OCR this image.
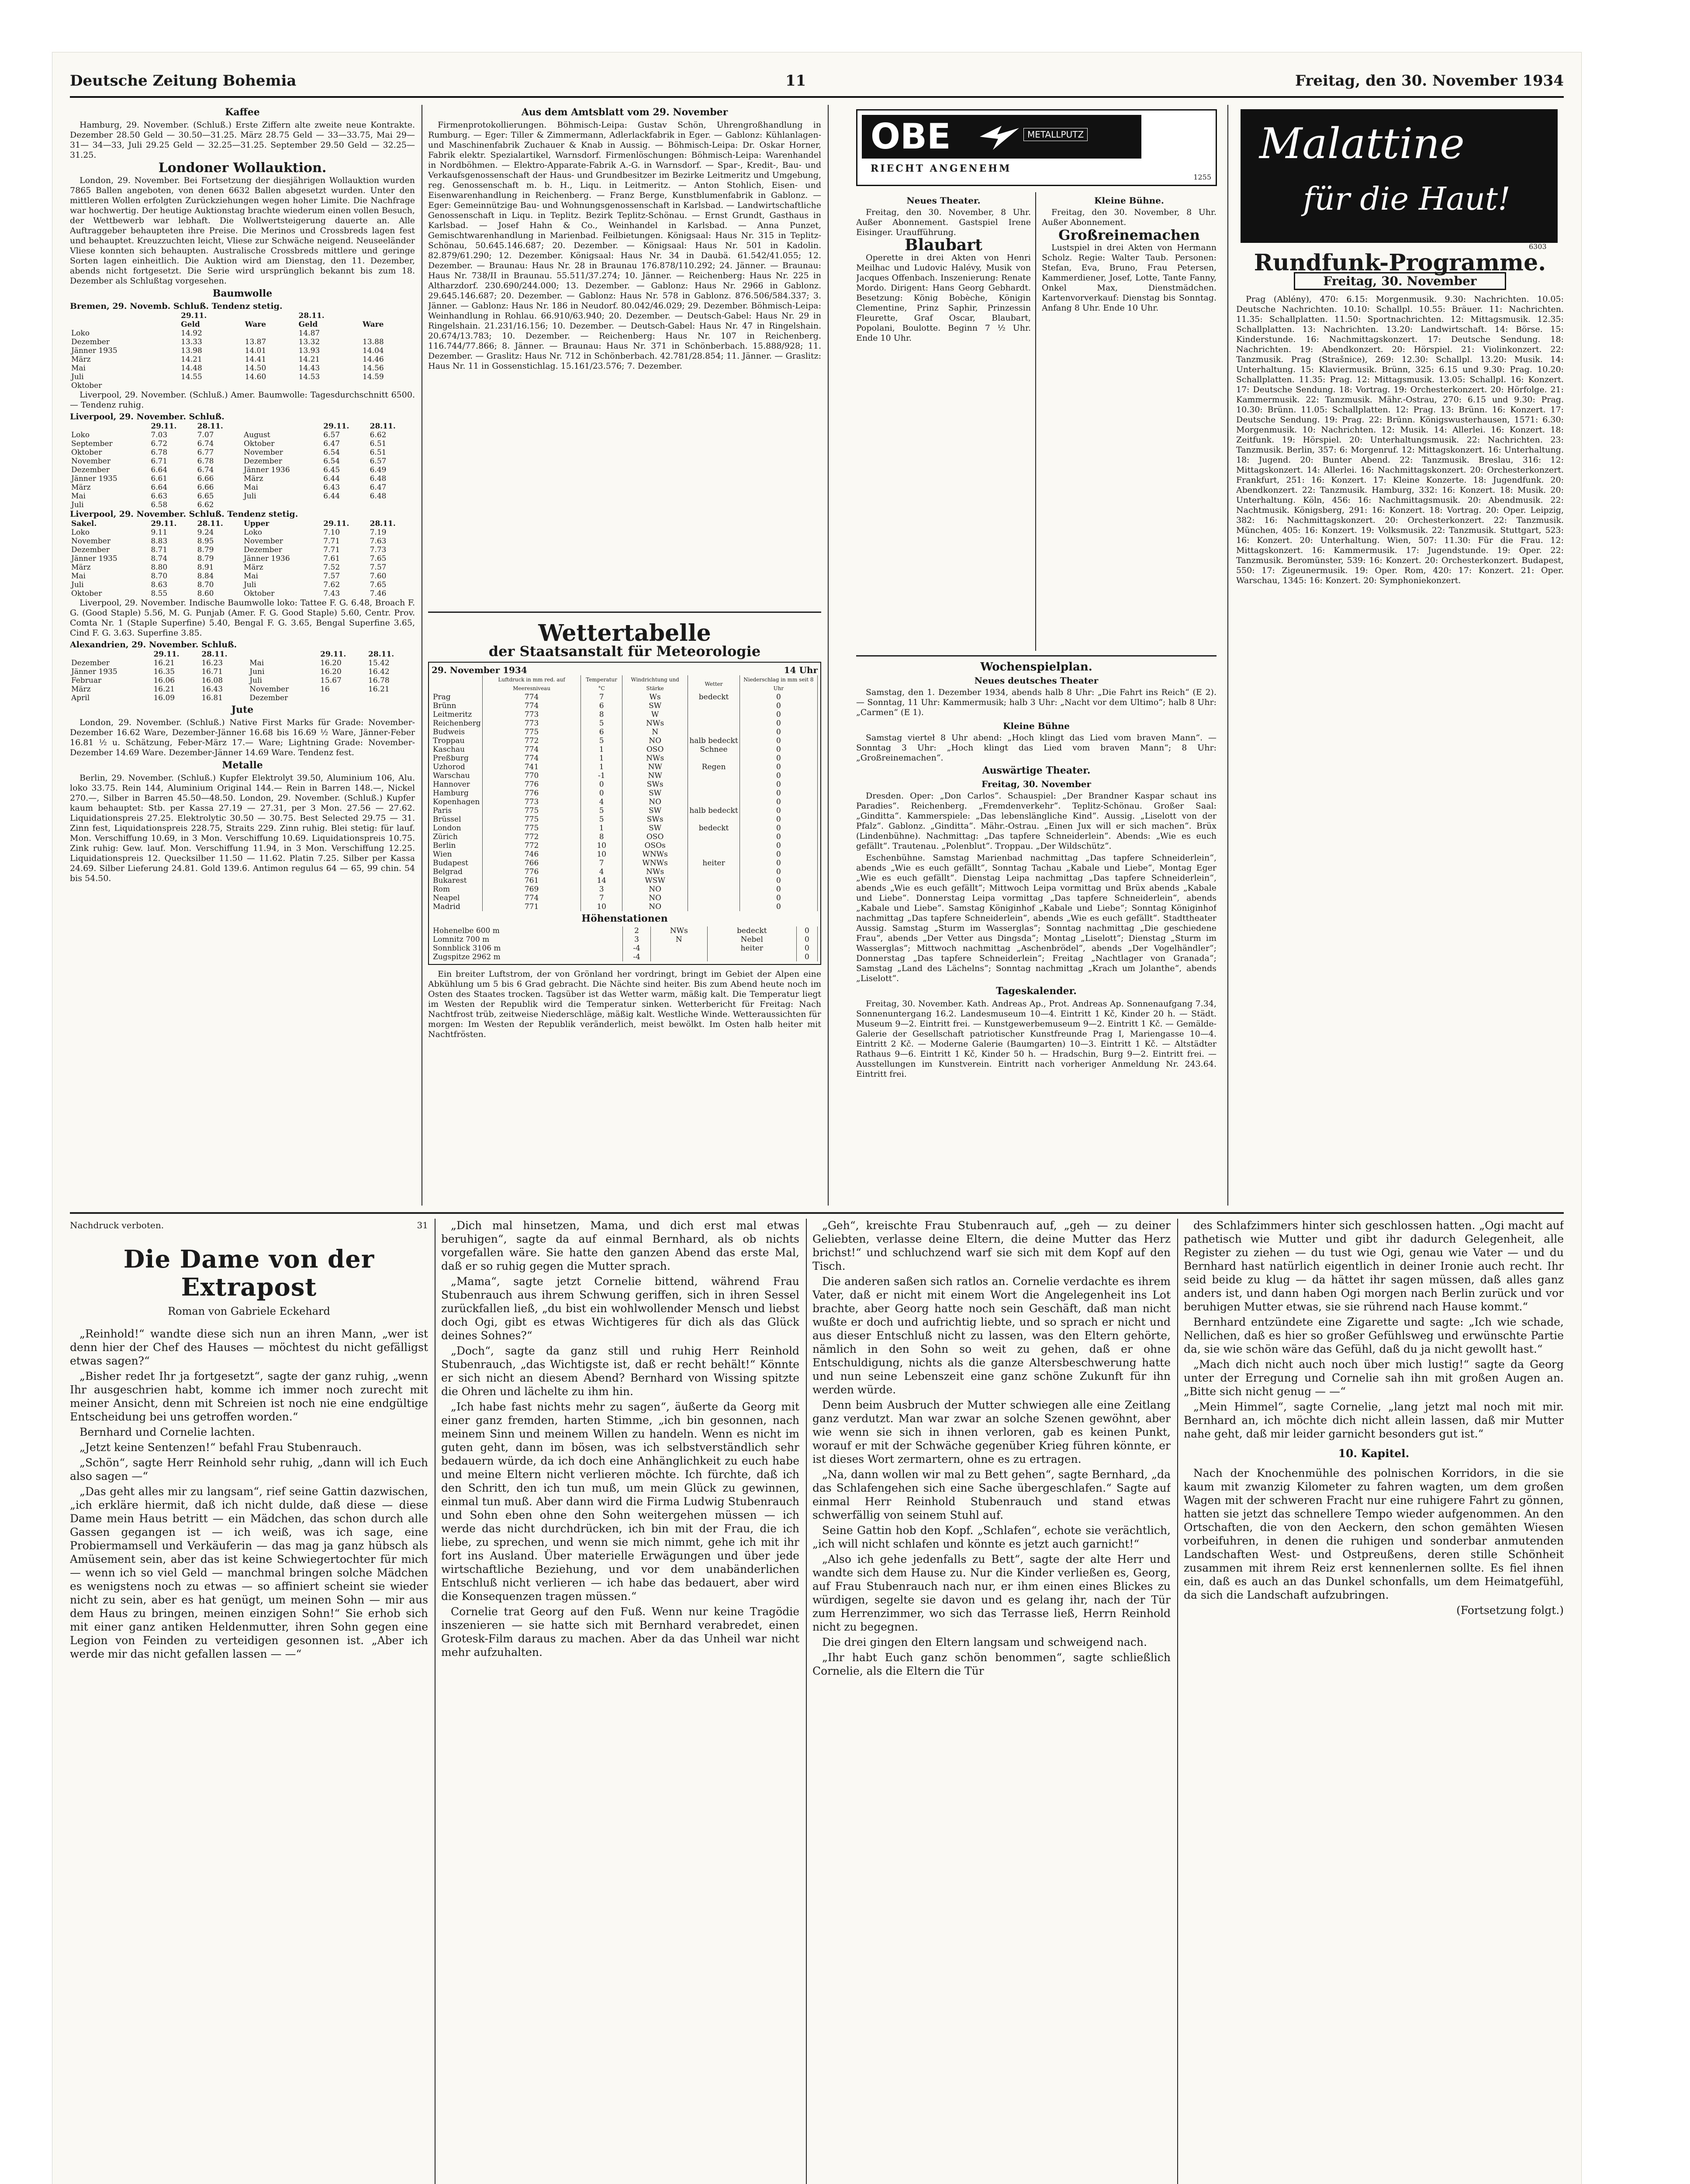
Deutsche Zeitung Bohemia	11	Freitag, den 30. November 1934
Kaffee

Hamburg, 29. November. (Schluß.) Erste Ziffern alte zweite neue Kontrakte. Dezember 28.50 Geld — 30.50—31.25. März 28.75 Geld — 33—33.75, Mai 29— 31— 34—33, Juli 29.25 Geld — 32.25—31.25. September 29.50 Geld — 32.25—31.25.

Londoner Wollauktion.

London, 29. November. Bei Fortsetzung der diesjährigen Wollauktion wurden 7865 Ballen angeboten, von denen 6632 Ballen abgesetzt wurden. Unter den mittleren Wollen erfolgten Zurückziehungen wegen hoher Limite. Die Nachfrage war hochwertig. Der heutige Auktionstag brachte wiederum einen vollen Besuch, der Wettbewerb war lebhaft. Die Wollwertsteigerung dauerte an. Alle Auftraggeber behaupteten ihre Preise. Die Merinos und Crossbreds lagen fest und behauptet. Kreuzzuchten leicht, Vliese zur Schwäche neigend. Neuseeländer Vliese konnten sich behaupten. Australische Crossbreds mittlere und geringe Sorten lagen einheitlich. Die Auktion wird am Dienstag, den 11. Dezember, abends nicht fortgesetzt. Die Serie wird ursprünglich bekannt bis zum 18. Dezember als Schlußtag vorgesehen.

Baumwolle
Bremen, 29. Novemb. Schluß. Tendenz stetig.
	29.11.		28.11.	
	Geld	Ware	Geld	Ware
Loko	14.92		14.87	
Dezember	13.33	13.87	13.32	13.88
Jänner 1935	13.98	14.01	13.93	14.04
März	14.21	14.41	14.21	14.46
Mai	14.48	14.50	14.43	14.56
Juli	14.55	14.60	14.53	14.59
Oktober				

Liverpool, 29. November. (Schluß.) Amer. Baumwolle: Tagesdurchschnitt 6500. — Tendenz ruhig.

Liverpool, 29. November. Schluß.
	29.11.	28.11.		29.11.	28.11.
Loko	7.03	7.07	August	6.57	6.62
September	6.72	6.74	Oktober	6.47	6.51
Oktober	6.78	6.77	November	6.54	6.51
November	6.71	6.78	Dezember	6.54	6.57
Dezember	6.64	6.74	Jänner 1936	6.45	6.49
Jänner 1935	6.61	6.66	März	6.44	6.48
März	6.64	6.66	Mai	6.43	6.47
Mai	6.63	6.65	Juli	6.44	6.48
Juli	6.58	6.62			
Liverpool, 29. November. Schluß. Tendenz stetig.
Sakel.	29.11.	28.11.	Upper	29.11.	28.11.
Loko	9.11	9.24	Loko	7.10	7.19
November	8.83	8.95	November	7.71	7.63
Dezember	8.71	8.79	Dezember	7.71	7.73
Jänner 1935	8.74	8.79	Jänner 1936	7.61	7.65
März	8.80	8.91	März	7.52	7.57
Mai	8.70	8.84	Mai	7.57	7.60
Juli	8.63	8.70	Juli	7.62	7.65
Oktober	8.55	8.60	Oktober	7.43	7.46

Liverpool, 29. November. Indische Baumwolle loko: Tattee F. G. 6.48, Broach F. G. (Good Staple) 5.56, M. G. Punjab (Amer. F. G. Good Staple) 5.60, Centr. Prov. Comta Nr. 1 (Staple Superfine) 5.40, Bengal F. G. 3.65, Bengal Superfine 3.65, Cind F. G. 3.63. Superfine 3.85.

Alexandrien, 29. November. Schluß.
	29.11.	28.11.		29.11.	28.11.
Dezember	16.21	16.23	Mai	16.20	15.42
Jänner 1935	16.35	16.71	Juni	16.20	16.42
Februar	16.06	16.08	Juli	15.67	16.78
März	16.21	16.43	November	16	16.21
April	16.09	16.81	Dezember		
Jute

London, 29. November. (Schluß.) Native First Marks für Grade: November-Dezember 16.62 Ware, Dezember-Jänner 16.68 bis 16.69 ½ Ware, Jänner-Feber 16.81 ½ u. Schätzung, Feber-März 17.— Ware; Lightning Grade: November-Dezember 14.69 Ware. Dezember-Jänner 14.69 Ware. Tendenz fest.

Metalle

Berlin, 29. November. (Schluß.) Kupfer Elektrolyt 39.50, Aluminium 106, Alu. loko 33.75. Rein 144, Aluminium Original 144.— Rein in Barren 148.—, Nickel 270.—, Silber in Barren 45.50—48.50. London, 29. November. (Schluß.) Kupfer kaum behauptet: Stb. per Kassa 27.19 — 27.31, per 3 Mon. 27.56 — 27.62. Liquidationspreis 27.25. Elektrolytic 30.50 — 30.75. Best Selected 29.75 — 31. Zinn fest, Liquidationspreis 228.75, Straits 229. Zinn ruhig. Blei stetig: für lauf. Mon. Verschiffung 10.69, in 3 Mon. Verschiffung 10.69. Liquidationspreis 10.75. Zink ruhig: Gew. lauf. Mon. Verschiffung 11.94, in 3 Mon. Verschiffung 12.25. Liquidationspreis 12. Quecksilber 11.50 — 11.62. Platin 7.25. Silber per Kassa 24.69. Silber Lieferung 24.81. Gold 139.6. Antimon regulus 64 — 65, 99 chin. 54 bis 54.50.

Aus dem Amtsblatt vom 29. November

Firmenprotokollierungen. Böhmisch-Leipa: Gustav Schön, Uhrengroßhandlung in Rumburg. — Eger: Tiller & Zimmermann, Adlerlackfabrik in Eger. — Gablonz: Kühlanlagen- und Maschinenfabrik Zuchauer & Knab in Aussig. — Böhmisch-Leipa: Dr. Oskar Horner, Fabrik elektr. Spezialartikel, Warnsdorf. Firmenlöschungen: Böhmisch-Leipa: Warenhandel in Nordböhmen. — Elektro-Apparate-Fabrik A.-G. in Warnsdorf. — Spar-, Kredit-, Bau- und Verkaufsgenossenschaft der Haus- und Grundbesitzer im Bezirke Leitmeritz und Umgebung, reg. Genossenschaft m. b. H., Liqu. in Leitmeritz. — Anton Stohlich, Eisen- und Eisenwarenhandlung in Reichenberg. — Franz Berge, Kunstblumenfabrik in Gablonz. — Eger: Gemeinnützige Bau- und Wohnungsgenossenschaft in Karlsbad. — Landwirtschaftliche Genossenschaft in Liqu. in Teplitz. Bezirk Teplitz-Schönau. — Ernst Grundt, Gasthaus in Karlsbad. — Josef Hahn & Co., Weinhandel in Karlsbad. — Anna Punzet, Gemischtwarenhandlung in Marienbad. Feilbietungen. Königsaal: Haus Nr. 315 in Teplitz-Schönau, 50.645.146.687; 20. Dezember. — Königsaal: Haus Nr. 501 in Kadolin. 82.879/61.290; 12. Dezember. Königsaal: Haus Nr. 34 in Daubä. 61.542/41.055; 12. Dezember. — Braunau: Haus Nr. 28 in Braunau 176.878/110.292; 24. Jänner. — Braunau: Haus Nr. 738/II in Braunau. 55.511/37.274; 10. Jänner. — Reichenberg: Haus Nr. 225 in Altharzdorf. 230.690/244.000; 13. Dezember. — Gablonz: Haus Nr. 2966 in Gablonz. 29.645.146.687; 20. Dezember. — Gablonz: Haus Nr. 578 in Gablonz. 876.506/584.337; 3. Jänner. — Gablonz: Haus Nr. 186 in Neudorf. 80.042/46.029; 29. Dezember. Böhmisch-Leipa: Weinhandlung in Rohlau. 66.910/63.940; 20. Dezember. — Deutsch-Gabel: Haus Nr. 29 in Ringelshain. 21.231/16.156; 10. Dezember. — Deutsch-Gabel: Haus Nr. 47 in Ringelshain. 20.674/13.783; 10. Dezember. — Reichenberg: Haus Nr. 107 in Reichenberg. 116.744/77.866; 8. Jänner. — Braunau: Haus Nr. 371 in Schönberbach. 15.888/928; 11. Dezember. — Graslitz: Haus Nr. 712 in Schönberbach. 42.781/28.854; 11. Jänner. — Graslitz: Haus Nr. 11 in Gossenstichlag. 15.161/23.576; 7. Dezember.

Wettertabelle
der Staatsanstalt für Meteorologie
29. November 1934	14 Uhr
	Luftdruck in mm red. auf Meeresniveau	Temperatur °C	Windrichtung und Stärke	Wetter	Niederschlag in mm seit 8 Uhr
Prag	774	7	Ws	bedeckt	0
Brünn	774	6	SW		0
Leitmeritz	773	8	W		0
Reichenberg	773	5	NWs		0
Budweis	775	6	N		0
Troppau	772	5	NO	halb bedeckt	0
Kaschau	774	1	OSO	Schnee	0
Preßburg	774	1	NWs		0
Uzhorod	741	1	NW	Regen	0
Warschau	770	-1	NW		0
Hannover	776	0	SWs		0
Hamburg	776	0	SW		0
Kopenhagen	773	4	NO		0
Paris	775	5	SW	halb bedeckt	0
Brüssel	775	5	SWs		0
London	775	1	SW	bedeckt	0
Zürich	772	8	OSO		0
Berlin	772	10	OSOs		0
Wien	746	10	WNWs		0
Budapest	766	7	WNWs	heiter	0
Belgrad	776	4	NWs		0
Bukarest	761	14	WSW		0
Rom	769	3	NO		0
Neapel	774	7	NO		0
Madrid	771	10	NO		0
Höhenstationen
Hohenelbe 600 m	2	NWs	bedeckt	0
Lomnitz 700 m	3	N	Nebel	0
Sonnblick 3106 m	-4		heiter	0
Zugspitze 2962 m	-4			0

Ein breiter Luftstrom, der von Grönland her vordringt, bringt im Gebiet der Alpen eine Abkühlung um 5 bis 6 Grad gebracht. Die Nächte sind heiter. Bis zum Abend heute noch im Osten des Staates trocken. Tagsüber ist das Wetter warm, mäßig kalt. Die Temperatur liegt im Westen der Republik wird die Temperatur sinken. Wetterbericht für Freitag: Nach Nachtfrost trüb, zeitweise Niederschläge, mäßig kalt. Westliche Winde. Wetteraussichten für morgen: Im Westen der Republik veränderlich, meist bewölkt. Im Osten halb heiter mit Nachtfrösten.

OBE	METALLPUTZ
RIECHT ANGENEHM
1255
Neues Theater.

Freitag, den 30. November, 8 Uhr. Außer Abonnement. Gastspiel Irene Eisinger. Uraufführung.

Blaubart

Operette in drei Akten von Henri Meilhac und Ludovic Halévy, Musik von Jacques Offenbach. Inszenierung: Renate Mordo. Dirigent: Hans Georg Gebhardt. Besetzung: König Bobèche, Königin Clementine, Prinz Saphir, Prinzessin Fleurette, Graf Oscar, Blaubart, Popolani, Boulotte. Beginn 7 ½ Uhr. Ende 10 Uhr.

Kleine Bühne.

Freitag, den 30. November, 8 Uhr. Außer Abonnement.

Großreinemachen

Lustspiel in drei Akten von Hermann Scholz. Regie: Walter Taub. Personen: Stefan, Eva, Bruno, Frau Petersen, Kammerdiener, Josef, Lotte, Tante Fanny, Onkel Max, Dienstmädchen. Kartenvorverkauf: Dienstag bis Sonntag. Anfang 8 Uhr. Ende 10 Uhr.

Wochenspielplan.
Neues deutsches Theater

Samstag, den 1. Dezember 1934, abends halb 8 Uhr: „Die Fahrt ins Reich“ (E 2). — Sonntag, 11 Uhr: Kammermusik; halb 3 Uhr: „Nacht vor dem Ultimo“; halb 8 Uhr: „Carmen“ (E 1).

Kleine Bühne

Samstag vierteł 8 Uhr abend: „Hoch klingt das Lied vom braven Mann“. — Sonntag 3 Uhr: „Hoch klingt das Lied vom braven Mann“; 8 Uhr: „Großreinemachen“.

Auswärtige Theater.
Freitag, 30. November

Dresden. Oper: „Don Carlos“. Schauspiel: „Der Brandner Kaspar schaut ins Paradies“. Reichenberg. „Fremdenverkehr“. Teplitz-Schönau. Großer Saal: „Ginditta“. Kammerspiele: „Das lebenslängliche Kind“. Aussig. „Liselott von der Pfalz“. Gablonz. „Ginditta“. Mähr.-Ostrau. „Einen Jux will er sich machen“. Brüx (Lindenbühne). Nachmittag: „Das tapfere Schneiderlein“. Abends: „Wie es euch gefällt“. Trautenau. „Polenblut“. Troppau. „Der Wildschütz“.

Eschenbühne. Samstag Marienbad nachmittag „Das tapfere Schneiderlein“, abends „Wie es euch gefällt“, Sonntag Tachau „Kabale und Liebe“, Montag Eger „Wie es euch gefällt“. Dienstag Leipa nachmittag „Das tapfere Schneiderlein“, abends „Wie es euch gefällt“; Mittwoch Leipa vormittag und Brüx abends „Kabale und Liebe“. Donnerstag Leipa vormittag „Das tapfere Schneiderlein“, abends „Kabale und Liebe“. Samstag Königinhof „Kabale und Liebe“; Sonntag Königinhof nachmittag „Das tapfere Schneiderlein“, abends „Wie es euch gefällt“. Stadttheater Aussig. Samstag „Sturm im Wasserglas“; Sonntag nachmittag „Die geschiedene Frau“, abends „Der Vetter aus Dingsda“; Montag „Liselott“; Dienstag „Sturm im Wasserglas“; Mittwoch nachmittag „Aschenbrödel“, abends „Der Vogelhändler“; Donnerstag „Das tapfere Schneiderlein“; Freitag „Nachtlager von Granada“; Samstag „Land des Lächelns“; Sonntag nachmittag „Krach um Jolanthe“, abends „Liselott“.

Tageskalender.

Freitag, 30. November. Kath. Andreas Ap., Prot. Andreas Ap. Sonnenaufgang 7.34, Sonnenuntergang 16.2. Landesmuseum 10—4. Eintritt 1 Kč, Kinder 20 h. — Städt. Museum 9—2. Eintritt frei. — Kunstgewerbemuseum 9—2. Eintritt 1 Kč. — Gemälde-Galerie der Gesellschaft patriotischer Kunstfreunde Prag I, Mariengasse 10—4. Eintritt 2 Kč. — Moderne Galerie (Baumgarten) 10—3. Eintritt 1 Kč. — Altstädter Rathaus 9—6. Eintritt 1 Kč, Kinder 50 h. — Hradschin, Burg 9—2. Eintritt frei. — Ausstellungen im Kunstverein. Eintritt nach vorheriger Anmeldung Nr. 243.64. Eintritt frei.

Malattine
für die Haut!
6303
Rundfunk-Programme.
Freitag, 30. November

Prag (Ablény), 470: 6.15: Morgenmusik. 9.30: Nachrichten. 10.05: Deutsche Nachrichten. 10.10: Schallpl. 10.55: Bräuer. 11: Nachrichten. 11.35: Schallplatten. 11.50: Sportnachrichten. 12: Mittagsmusik. 12.35: Schallplatten. 13: Nachrichten. 13.20: Landwirtschaft. 14: Börse. 15: Kinderstunde. 16: Nachmittagskonzert. 17: Deutsche Sendung. 18: Nachrichten. 19: Abendkonzert. 20: Hörspiel. 21: Violinkonzert. 22: Tanzmusik. Prag (Strašnice), 269: 12.30: Schallpl. 13.20: Musik. 14: Unterhaltung. 15: Klaviermusik. Brünn, 325: 6.15 und 9.30: Prag. 10.20: Schallplatten. 11.35: Prag. 12: Mittagsmusik. 13.05: Schallpl. 16: Konzert. 17: Deutsche Sendung. 18: Vortrag. 19: Orchesterkonzert. 20: Hörfolge. 21: Kammermusik. 22: Tanzmusik. Mähr.-Ostrau, 270: 6.15 und 9.30: Prag. 10.30: Brünn. 11.05: Schallplatten. 12: Prag. 13: Brünn. 16: Konzert. 17: Deutsche Sendung. 19: Prag. 22: Brünn. Königswusterhausen, 1571: 6.30: Morgenmusik. 10: Nachrichten. 12: Musik. 14: Allerlei. 16: Konzert. 18: Zeitfunk. 19: Hörspiel. 20: Unterhaltungsmusik. 22: Nachrichten. 23: Tanzmusik. Berlin, 357: 6: Morgenruf. 12: Mittagskonzert. 16: Unterhaltung. 18: Jugend. 20: Bunter Abend. 22: Tanzmusik. Breslau, 316: 12: Mittagskonzert. 14: Allerlei. 16: Nachmittagskonzert. 20: Orchesterkonzert. Frankfurt, 251: 16: Konzert. 17: Kleine Konzerte. 18: Jugendfunk. 20: Abendkonzert. 22: Tanzmusik. Hamburg, 332: 16: Konzert. 18: Musik. 20: Unterhaltung. Köln, 456: 16: Nachmittagsmusik. 20: Abendmusik. 22: Nachtmusik. Königsberg, 291: 16: Konzert. 18: Vortrag. 20: Oper. Leipzig, 382: 16: Nachmittagskonzert. 20: Orchesterkonzert. 22: Tanzmusik. München, 405: 16: Konzert. 19: Volksmusik. 22: Tanzmusik. Stuttgart, 523: 16: Konzert. 20: Unterhaltung. Wien, 507: 11.30: Für die Frau. 12: Mittagskonzert. 16: Kammermusik. 17: Jugendstunde. 19: Oper. 22: Tanzmusik. Beromünster, 539: 16: Konzert. 20: Orchesterkonzert. Budapest, 550: 17: Zigeunermusik. 19: Oper. Rom, 420: 17: Konzert. 21: Oper. Warschau, 1345: 16: Konzert. 20: Symphoniekonzert.

Nachdruck verboten.	31
Die Dame von der Extrapost
Roman von Gabriele Eckehard

„Reinhold!“ wandte diese sich nun an ihren Mann, „wer ist denn hier der Chef des Hauses — möchtest du nicht gefälligst etwas sagen?“

„Bisher redet Ihr ja fortgesetzt“, sagte der ganz ruhig, „wenn Ihr ausgeschrien habt, komme ich immer noch zurecht mit meiner Ansicht, denn mit Schreien ist noch nie eine endgültige Entscheidung bei uns getroffen worden.“

Bernhard und Cornelie lachten.

„Jetzt keine Sentenzen!“ befahl Frau Stubenrauch.

„Schön“, sagte Herr Reinhold sehr ruhig, „dann will ich Euch also sagen —“

„Das geht alles mir zu langsam“, rief seine Gattin dazwischen, „ich erkläre hiermit, daß ich nicht dulde, daß diese — diese Dame mein Haus betritt — ein Mädchen, das schon durch alle Gassen gegangen ist — ich weiß, was ich sage, eine Probiermamsell und Verkäuferin — das mag ja ganz hübsch als Amüsement sein, aber das ist keine Schwiegertochter für mich — wenn ich so viel Geld — manchmal bringen solche Mädchen es wenigstens noch zu etwas — so affiniert scheint sie wieder nicht zu sein, aber es hat genügt, um meinen Sohn — mir aus dem Haus zu bringen, meinen einzigen Sohn!“ Sie erhob sich mit einer ganz antiken Heldenmutter, ihren Sohn gegen eine Legion von Feinden zu verteidigen gesonnen ist. „Aber ich werde mir das nicht gefallen lassen — —“

„Dich mal hinsetzen, Mama, und dich erst mal etwas beruhigen“, sagte da auf einmal Bernhard, als ob nichts vorgefallen wäre. Sie hatte den ganzen Abend das erste Mal, daß er so ruhig gegen die Mutter sprach.

„Mama“, sagte jetzt Cornelie bittend, während Frau Stubenrauch aus ihrem Schwung geriffen, sich in ihren Sessel zurückfallen ließ, „du bist ein wohlwollender Mensch und liebst doch Ogi, gibt es etwas Wichtigeres für dich als das Glück deines Sohnes?“

„Doch“, sagte da ganz still und ruhig Herr Reinhold Stubenrauch, „das Wichtigste ist, daß er recht behält!“ Könnte er sich nicht an diesem Abend? Bernhard von Wissing spitzte die Ohren und lächelte zu ihm hin.

„Ich habe fast nichts mehr zu sagen“, äußerte da Georg mit einer ganz fremden, harten Stimme, „ich bin gesonnen, nach meinem Sinn und meinem Willen zu handeln. Wenn es nicht im guten geht, dann im bösen, was ich selbstverständlich sehr bedauern würde, da ich doch eine Anhänglichkeit zu euch habe und meine Eltern nicht verlieren möchte. Ich fürchte, daß ich den Schritt, den ich tun muß, um mein Glück zu gewinnen, einmal tun muß. Aber dann wird die Firma Ludwig Stubenrauch und Sohn eben ohne den Sohn weitergehen müssen — ich werde das nicht durchdrücken, ich bin mit der Frau, die ich liebe, zu sprechen, und wenn sie mich nimmt, gehe ich mit ihr fort ins Ausland. Über materielle Erwägungen und über jede wirtschaftliche Beziehung, und vor dem unabänderlichen Entschluß nicht verlieren — ich habe das bedauert, aber wird die Konsequenzen tragen müssen.“

Cornelie trat Georg auf den Fuß. Wenn nur keine Tragödie inszenieren — sie hatte sich mit Bernhard verabredet, einen Grotesk-Film daraus zu machen. Aber da das Unheil war nicht mehr aufzuhalten.

„Geh“, kreischte Frau Stubenrauch auf, „geh — zu deiner Geliebten, verlasse deine Eltern, die deine Mutter das Herz brichst!“ und schluchzend warf sie sich mit dem Kopf auf den Tisch.

Die anderen saßen sich ratlos an. Cornelie verdachte es ihrem Vater, daß er nicht mit einem Wort die Angelegenheit ins Lot brachte, aber Georg hatte noch sein Geschäft, daß man nicht wußte er doch und aufrichtig liebte, und so sprach er nicht und aus dieser Entschluß nicht zu lassen, was den Eltern gehörte, nämlich in den Sohn so weit zu gehen, daß er ohne Entschuldigung, nichts als die ganze Altersbeschwerung hatte und nun seine Lebenszeit eine ganz schöne Zukunft für ihn werden würde.

Denn beim Ausbruch der Mutter schwiegen alle eine Zeitlang ganz verdutzt. Man war zwar an solche Szenen gewöhnt, aber wie wenn sie sich in ihnen verloren, gab es keinen Punkt, worauf er mit der Schwäche gegenüber Krieg führen könnte, er ist dieses Wort zermartern, ohne es zu ertragen.

„Na, dann wollen wir mal zu Bett gehen“, sagte Bernhard, „da das Schlafengehen sich eine Sache übergeschlafen.“ Sagte auf einmal Herr Reinhold Stubenrauch und stand etwas schwerfällig von seinem Stuhl auf.

Seine Gattin hob den Kopf. „Schlafen“, echote sie verächtlich, „ich will nicht schlafen und könnte es jetzt auch garnicht!“

„Also ich gehe jedenfalls zu Bett“, sagte der alte Herr und wandte sich dem Hause zu. Nur die Kinder verließen es, Georg, auf Frau Stubenrauch nach nur, er ihm einen eines Blickes zu würdigen, segelte sie davon und es gelang ihr, nach der Tür zum Herrenzimmer, wo sich das Terrasse ließ, Herrn Reinhold nicht zu begegnen.

Die drei gingen den Eltern langsam und schweigend nach.

„Ihr habt Euch ganz schön benommen“, sagte schließlich Cornelie, als die Eltern die Tür

des Schlafzimmers hinter sich geschlossen hatten. „Ogi macht auf pathetisch wie Mutter und gibt ihr dadurch Gelegenheit, alle Register zu ziehen — du tust wie Ogi, genau wie Vater — und du Bernhard hast natürlich eigentlich in deiner Ironie auch recht. Ihr seid beide zu klug — da hättet ihr sagen müssen, daß alles ganz anders ist, und dann haben Ogi morgen nach Berlin zurück und vor beruhigen Mutter etwas, sie sie rührend nach Hause kommt.“

Bernhard entzündete eine Zigarette und sagte: „Ich wie schade, Nellichen, daß es hier so großer Gefühlsweg und erwünschte Partie da, sie wie schön wäre das Gefühl, daß du ja nicht gewollt hast.“

„Mach dich nicht auch noch über mich lustig!“ sagte da Georg unter der Erregung und Cornelie sah ihn mit großen Augen an. „Bitte sich nicht genug — —“

„Mein Himmel“, sagte Cornelie, „lang jetzt mal noch mit mir. Bernhard an, ich möchte dich nicht allein lassen, daß mir Mutter nahe geht, daß mir leider garnicht besonders gut ist.“

10. Kapitel.

Nach der Knochenmühle des polnischen Korridors, in die sie kaum mit zwanzig Kilometer zu fahren wagten, um dem großen Wagen mit der schweren Fracht nur eine ruhigere Fahrt zu gönnen, hatten sie jetzt das schnellere Tempo wieder aufgenommen. An den Ortschaften, die von den Aeckern, den schon gemähten Wiesen vorbeifuhren, in denen die ruhigen und sonderbar anmutenden Landschaften West- und Ostpreußens, deren stille Schönheit zusammen mit ihrem Reiz erst kennenlernen sollte. Es fiel ihnen ein, daß es auch an das Dunkel schonfalls, um dem Heimatgefühl, da sich die Landschaft aufzubringen.

(Fortsetzung folgt.)
